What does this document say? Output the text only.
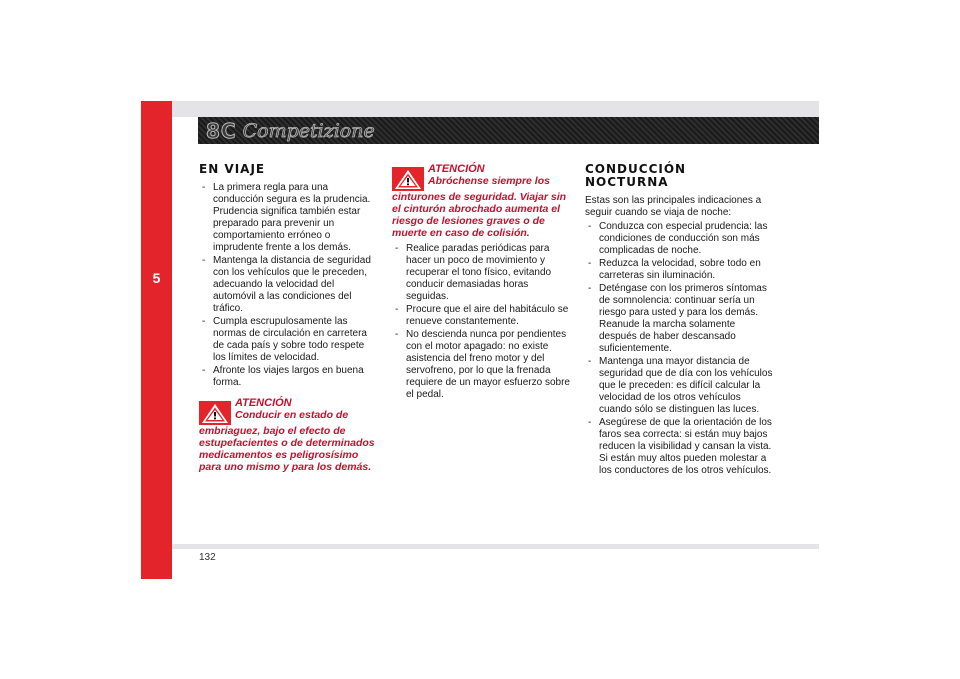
5
8C Competizione
EN VIAJE
- La primera regla para una conducción segura es la prudencia. Prudencia significa también estar preparado para prevenir un comportamiento erróneo o imprudente frente a los demás.
- Mantenga la distancia de seguridad con los vehículos que le preceden, adecuando la velocidad del automóvil a las condiciones del tráfico.
- Cumpla escrupulosamente las normas de circulación en carretera de cada país y sobre todo respete los límites de velocidad.
- Afronte los viajes largos en buena forma.
ATENCIÓN
Conducir en estado de
embriaguez, bajo el efecto de estupefacientes o de determinados medicamentos es peligrosísimo para uno mismo y para los demás.
ATENCIÓN
Abróchense siempre los
cinturones de seguridad. Viajar sin el cinturón abrochado aumenta el riesgo de lesiones graves o de muerte en caso de colisión.
- Realice paradas periódicas para hacer un poco de movimiento y recuperar el tono físico, evitando conducir demasiadas horas seguidas.
- Procure que el aire del habitáculo se renueve constantemente.
- No descienda nunca por pendientes con el motor apagado: no existe asistencia del freno motor y del servofreno, por lo que la frenada requiere de un mayor esfuerzo sobre el pedal.
CONDUCCIÓN
NOCTURNA

Estas son las principales indicaciones a seguir cuando se viaja de noche:

- Conduzca con especial prudencia: las condiciones de conducción son más complicadas de noche.
- Reduzca la velocidad, sobre todo en carreteras sin iluminación.
- Deténgase con los primeros síntomas de somnolencia: continuar sería un riesgo para usted y para los demás. Reanude la marcha solamente después de haber descansado suficientemente.
- Mantenga una mayor distancia de seguridad que de día con los vehículos que le preceden: es difícil calcular la velocidad de los otros vehículos cuando sólo se distinguen las luces.
- Asegúrese de que la orientación de los faros sea correcta: si están muy bajos reducen la visibilidad y cansan la vista. Si están muy altos pueden molestar a los conductores de los otros vehículos.
132
